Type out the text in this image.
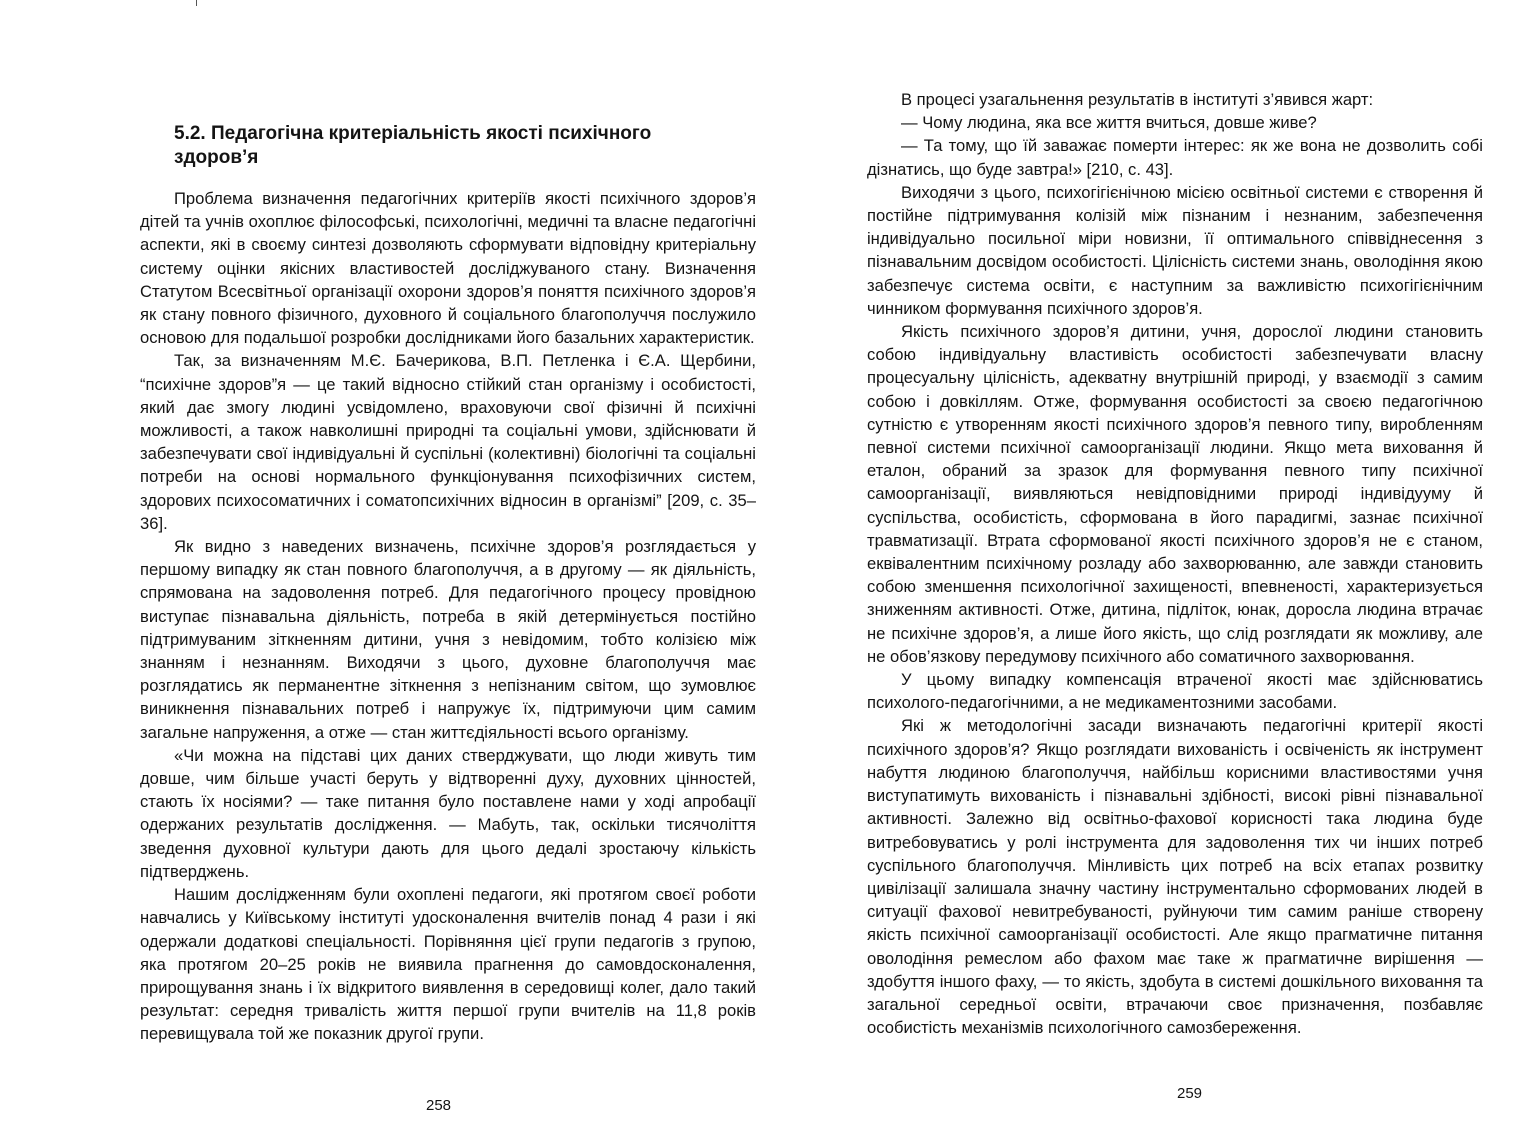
5.2. Педагогічна критеріальність якості психічного здоров’я

Проблема визначення педагогічних критеріїв якості психічного здоров’я дітей та учнів охоплює філософські, психологічні, медичні та власне педагогічні аспекти, які в своєму синтезі дозволяють сформувати відповідну критеріальну систему оцінки якісних властивостей досліджуваного стану. Визначення Статутом Всесвітньої організації охорони здоров’я поняття психічного здоров’я як стану повного фізичного, духовного й соціального благополуччя послужило основою для подальшої розробки дослідниками його базальних характеристик.

Так, за визначенням М.Є. Бачерикова, В.П. Петленка і Є.А. Щербини, “психічне здоров”я — це такий відносно стійкий стан організму і особистості, який дає змогу людині усвідомлено, враховуючи свої фізичні й психічні можливості, а також навколишні природні та соціальні умови, здійснювати й забезпечувати свої індивідуальні й суспільні (колективні) біологічні та соціальні потреби на основі нормального функціонування психофізичних систем, здорових психосоматичних і соматопсихічних відносин в організмі” [209, с. 35–36].

Як видно з наведених визначень, психічне здоров’я розглядається у першому випадку як стан повного благополуччя, а в другому — як діяльність, спрямована на задоволення потреб. Для педагогічного процесу провідною виступає пізнавальна діяльність, потреба в якій детермінується постійно підтримуваним зіткненням дитини, учня з невідомим, тобто колізією між знанням і незнанням. Виходячи з цього, духовне благополуччя має розглядатись як перманентне зіткнення з непізнаним світом, що зумовлює виникнення пізнавальних потреб і напружує їх, підтримуючи цим самим загальне напруження, а отже — стан життєдіяльності всього організму.

«Чи можна на підставі цих даних стверджувати, що люди живуть тим довше, чим більше участі беруть у відтворенні духу, духовних цінностей, стають їх носіями? — таке питання було поставлене нами у ході апробації одержаних результатів дослідження. — Мабуть, так, оскільки тисячоліття зведення духовної культури дають для цього дедалі зростаючу кількість підтверджень.

Нашим дослідженням були охоплені педагоги, які протягом своєї роботи навчались у Київському інституті удосконалення вчителів понад 4 рази і які одержали додаткові спеціальності. Порівняння цієї групи педагогів з групою, яка протягом 20–25 років не виявила прагнення до самовдосконалення, прирощування знань і їх відкритого виявлення в середовищі колег, дало такий результат: середня тривалість життя першої групи вчителів на 11,8 років перевищувала той же показник другої групи.

258

В процесі узагальнення результатів в інституті з’явився жарт:

— Чому людина, яка все життя вчиться, довше живе?

— Та тому, що їй заважає померти інтерес: як же вона не дозволить собі дізнатись, що буде завтра!» [210, с. 43].

Виходячи з цього, психогігієнічною місією освітньої системи є створення й постійне підтримування колізій між пізнаним і незнаним, забезпечення індивідуально посильної міри новизни, її оптимального співвіднесення з пізнавальним досвідом особистості. Цілісність системи знань, оволодіння якою забезпечує система освіти, є наступним за важливістю психогігієнічним чинником формування психічного здоров’я.

Якість психічного здоров’я дитини, учня, дорослої людини становить собою індивідуальну властивість особистості забезпечувати власну процесуальну цілісність, адекватну внутрішній природі, у взаємодії з самим собою і довкіллям. Отже, формування особистості за своєю педагогічною сутністю є утворенням якості психічного здоров’я певного типу, виробленням певної системи психічної самоорганізації людини. Якщо мета виховання й еталон, обраний за зразок для формування певного типу психічної самоорганізації, виявляються невідповідними природі індивідууму й суспільства, особистість, сформована в його парадигмі, зазнає психічної травматизації. Втрата сформованої якості психічного здоров’я не є станом, еквівалентним психічному розладу або захворюванню, але завжди становить собою зменшення психологічної захищеності, впевненості, характеризується зниженням активності. Отже, дитина, підліток, юнак, доросла людина втрачає не психічне здоров’я, а лише його якість, що слід розглядати як можливу, але не обов’язкову передумову психічного або соматичного захворювання.

У цьому випадку компенсація втраченої якості має здійснюватись психолого-педагогічними, а не медикаментозними засобами.

Які ж методологічні засади визначають педагогічні критерії якості психічного здоров’я? Якщо розглядати вихованість і освіченість як інструмент набуття людиною благополуччя, найбільш корисними властивостями учня виступатимуть вихованість і пізнавальні здібності, високі рівні пізнавальної активності. Залежно від освітньо-фахової корисності така людина буде витребовуватись у ролі інструмента для задоволення тих чи інших потреб суспільного благополуччя. Мінливість цих потреб на всіх етапах розвитку цивілізації залишала значну частину інструментально сформованих людей в ситуації фахової невитребуваності, руйнуючи тим самим раніше створену якість психічної самоорганізації особистості. Але якщо прагматичне питання оволодіння ремеслом або фахом має таке ж прагматичне вирішення — здобуття іншого фаху, — то якість, здобута в системі дошкільного виховання та загальної середньої освіти, втрачаючи своє призначення, позбавляє особистість механізмів психологічного самозбереження.

259
